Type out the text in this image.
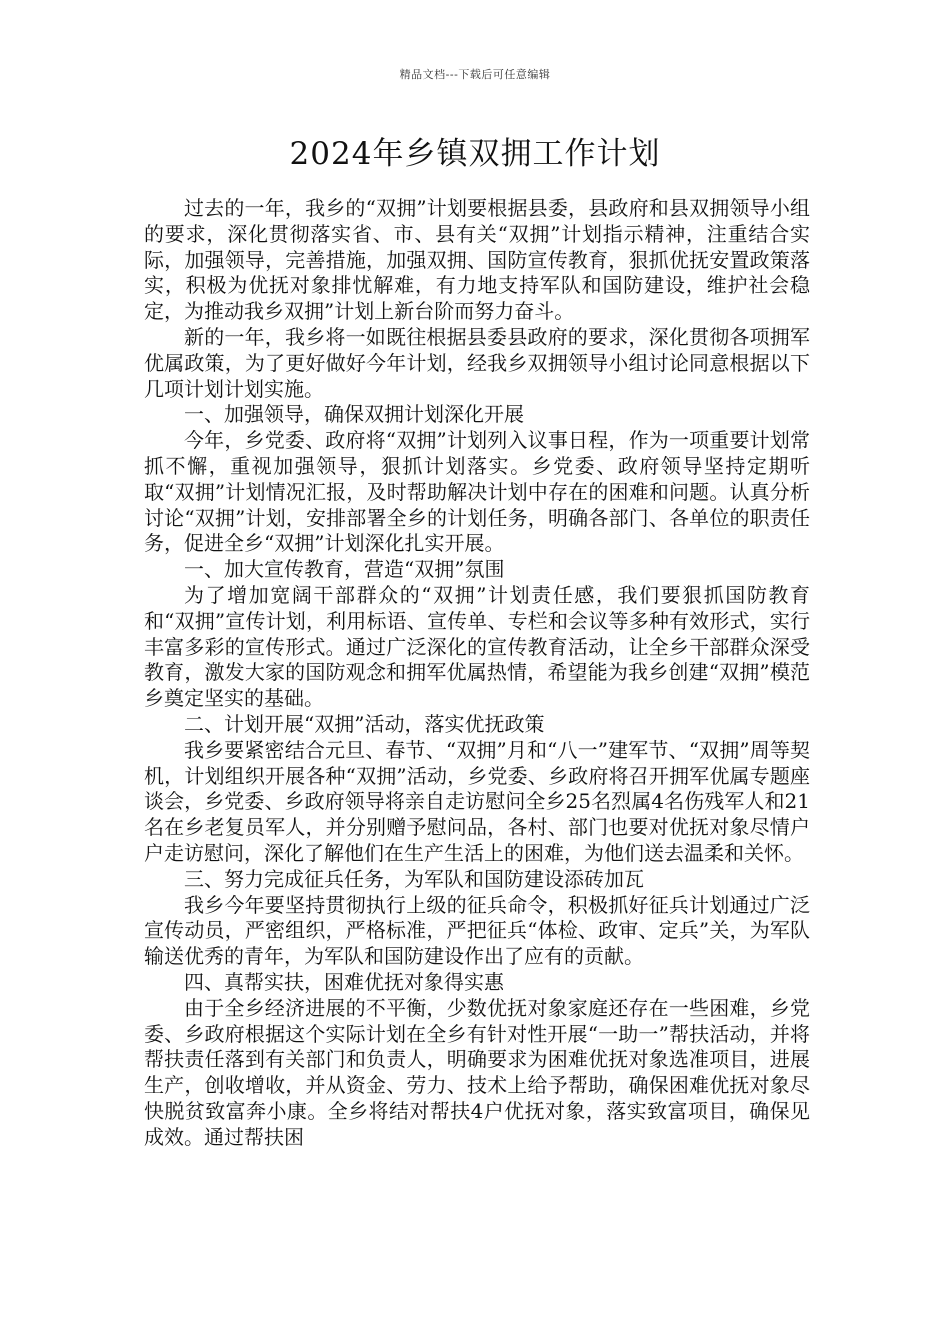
精品文档---下载后可任意编辑
2024年乡镇双拥工作计划

过去的一年，我乡的“双拥”计划要根据县委，县政府和县双拥领导小组的要求，深化贯彻落实省、市、县有关“双拥”计划指示精神，注重结合实际，加强领导，完善措施，加强双拥、国防宣传教育，狠抓优抚安置政策落实，积极为优抚对象排忧解难，有力地支持军队和国防建设，维护社会稳定，为推动我乡双拥”计划上新台阶而努力奋斗。

新的一年，我乡将一如既往根据县委县政府的要求，深化贯彻各项拥军优属政策，为了更好做好今年计划，经我乡双拥领导小组讨论同意根据以下几项计划计划实施。

一、加强领导，确保双拥计划深化开展

今年，乡党委、政府将“双拥”计划列入议事日程，作为一项重要计划常抓不懈，重视加强领导，狠抓计划落实。乡党委、政府领导坚持定期听取“双拥”计划情况汇报，及时帮助解决计划中存在的困难和问题。认真分析讨论“双拥”计划，安排部署全乡的计划任务，明确各部门、各单位的职责任务，促进全乡“双拥”计划深化扎实开展。

一、加大宣传教育，营造“双拥”氛围

为了增加宽阔干部群众的“双拥”计划责任感，我们要狠抓国防教育和“双拥”宣传计划，利用标语、宣传单、专栏和会议等多种有效形式，实行丰富多彩的宣传形式。通过广泛深化的宣传教育活动，让全乡干部群众深受教育，激发大家的国防观念和拥军优属热情，希望能为我乡创建“双拥”模范乡奠定坚实的基础。

二、计划开展“双拥”活动，落实优抚政策

我乡要紧密结合元旦、春节、“双拥”月和“八一”建军节、“双拥”周等契机，计划组织开展各种“双拥”活动，乡党委、乡政府将召开拥军优属专题座谈会，乡党委、乡政府领导将亲自走访慰问全乡25名烈属4名伤残军人和21名在乡老复员军人，并分别赠予慰问品，各村、部门也要对优抚对象尽情户户走访慰问，深化了解他们在生产生活上的困难，为他们送去温柔和关怀。

三、努力完成征兵任务，为军队和国防建设添砖加瓦

我乡今年要坚持贯彻执行上级的征兵命令，积极抓好征兵计划通过广泛宣传动员，严密组织，严格标准，严把征兵“体检、政审、定兵”关，为军队输送优秀的青年，为军队和国防建设作出了应有的贡献。

四、真帮实扶，困难优抚对象得实惠

由于全乡经济进展的不平衡，少数优抚对象家庭还存在一些困难，乡党委、乡政府根据这个实际计划在全乡有针对性开展“一助一”帮扶活动，并将帮扶责任落到有关部门和负责人，明确要求为困难优抚对象选准项目，进展生产，创收增收，并从资金、劳力、技术上给予帮助，确保困难优抚对象尽快脱贫致富奔小康。全乡将结对帮扶4户优抚对象，落实致富项目，确保见成效。通过帮扶困
